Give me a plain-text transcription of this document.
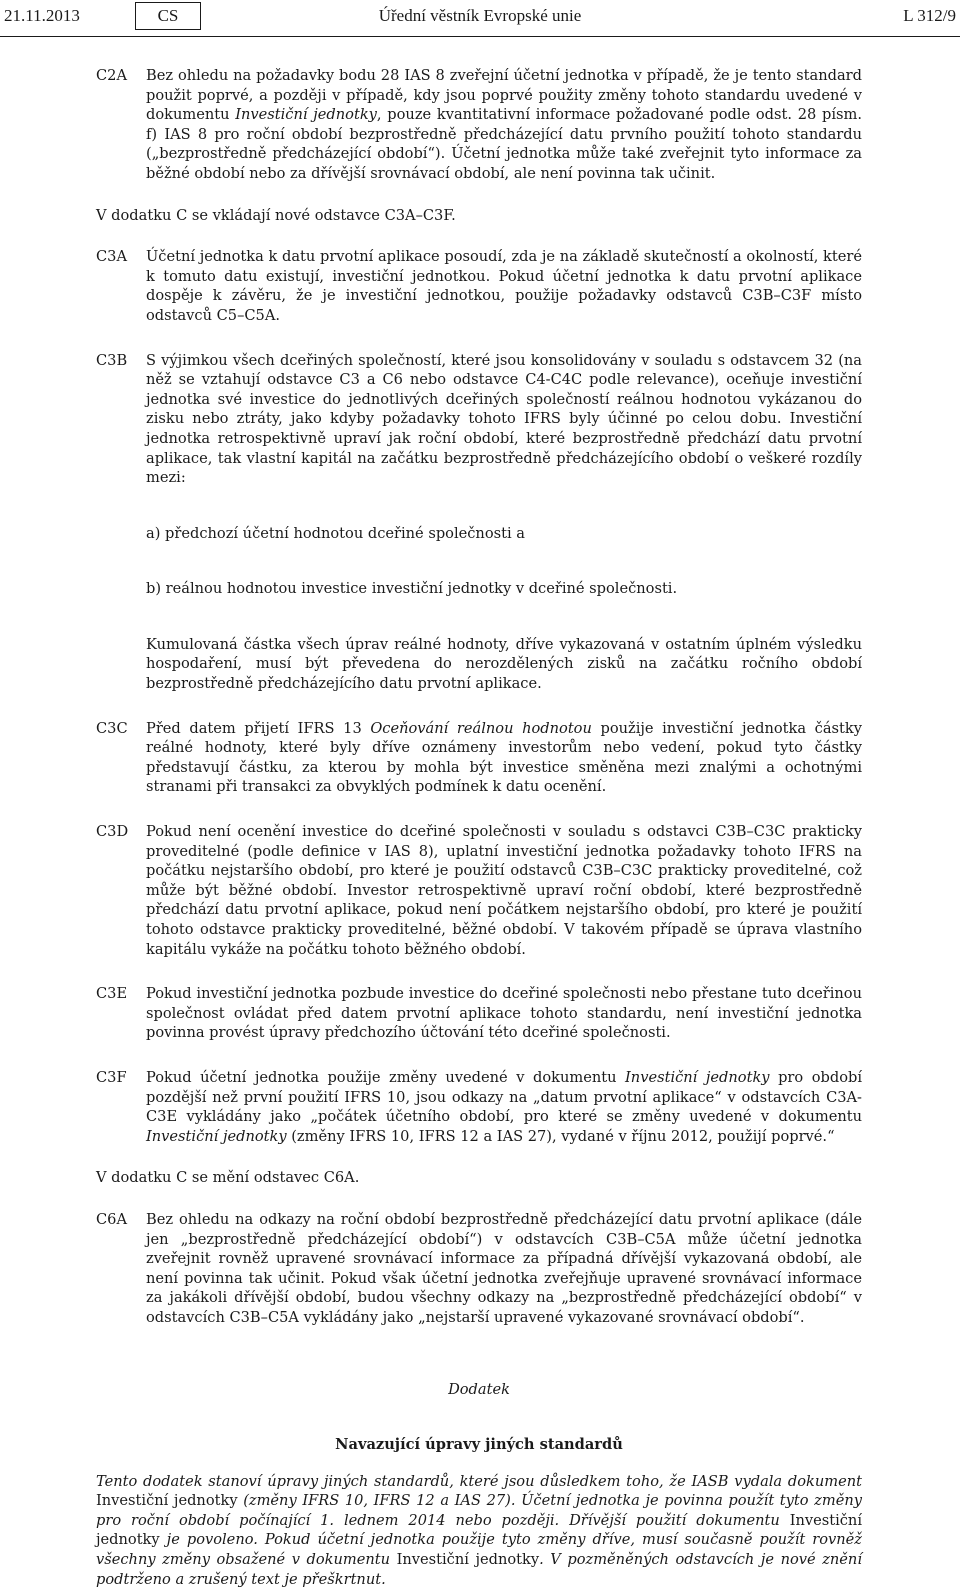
21.11.2013	CS	Úřední věstník Evropské unie	L 312/9
C2A	Bez ohledu na požadavky bodu 28 IAS 8 zveřejní účetní jednotka v případě, že je tento standard použit poprvé, a později v případě, kdy jsou poprvé použity změny tohoto standardu uvedené v dokumentu Investiční jednotky, pouze kvantitativní informace požadované podle odst. 28 písm. f) IAS 8 pro roční období bezprostředně předcházející datu prvního použití tohoto standardu („bezprostředně předcházející období“). Účetní jednotka může také zveřejnit tyto informace za běžné období nebo za dřívější srovnávací období, ale není povinna tak učinit.

V dodatku C se vkládají nové odstavce C3A–C3F.

C3A	Účetní jednotka k datu prvotní aplikace posoudí, zda je na základě skutečností a okolností, které k tomuto datu existují, investiční jednotkou. Pokud účetní jednotka k datu prvotní aplikace dospěje k závěru, že je investiční jednotkou, použije požadavky odstavců C3B–C3F místo odstavců C5–C5A.
C3B	S výjimkou všech dceřiných společností, které jsou konsolidovány v souladu s odstavcem 32 (na něž se vztahují odstavce C3 a C6 nebo odstavce C4-C4C podle relevance), oceňuje investiční jednotka své investice do jednotlivých dceřiných společností reálnou hodnotou vykázanou do zisku nebo ztráty, jako kdyby požadavky tohoto IFRS byly účinné po celou dobu. Investiční jednotka retrospektivně upraví jak roční období, které bezprostředně předchází datu prvotní aplikace, tak vlastní kapitál na začátku bezprostředně předcházejícího období o veškeré rozdíly mezi:

a) předchozí účetní hodnotou dceřiné společnosti a

b) reálnou hodnotou investice investiční jednotky v dceřiné společnosti.

Kumulovaná částka všech úprav reálné hodnoty, dříve vykazovaná v ostatním úplném výsledku hospodaření, musí být převedena do nerozdělených zisků na začátku ročního období bezprostředně předcházejícího datu prvotní aplikace.

C3C	Před datem přijetí IFRS 13 Oceňování reálnou hodnotou použije investiční jednotka částky reálné hodnoty, které byly dříve oznámeny investorům nebo vedení, pokud tyto částky představují částku, za kterou by mohla být investice směněna mezi znalými a ochotnými stranami při transakci za obvyklých podmínek k datu ocenění.
C3D	Pokud není ocenění investice do dceřiné společnosti v souladu s odstavci C3B–C3C prakticky proveditelné (podle definice v IAS 8), uplatní investiční jednotka požadavky tohoto IFRS na počátku nejstaršího období, pro které je použití odstavců C3B–C3C prakticky proveditelné, což může být běžné období. Investor retrospektivně upraví roční období, které bezprostředně předchází datu prvotní aplikace, pokud není počátkem nejstaršího období, pro které je použití tohoto odstavce prakticky proveditelné, běžné období. V takovém případě se úprava vlastního kapitálu vykáže na počátku tohoto běžného období.
C3E	Pokud investiční jednotka pozbude investice do dceřiné společnosti nebo přestane tuto dceřinou společnost ovládat před datem prvotní aplikace tohoto standardu, není investiční jednotka povinna provést úpravy předchozího účtování této dceřiné společnosti.
C3F	Pokud účetní jednotka použije změny uvedené v dokumentu Investiční jednotky pro období pozdější než první použití IFRS 10, jsou odkazy na „datum prvotní aplikace“ v odstavcích C3A-C3E vykládány jako „počátek účetního období, pro které se změny uvedené v dokumentu Investiční jednotky (změny IFRS 10, IFRS 12 a IAS 27), vydané v říjnu 2012, použijí poprvé.“

V dodatku C se mění odstavec C6A.

C6A	Bez ohledu na odkazy na roční období bezprostředně předcházející datu prvotní aplikace (dále jen „bezprostředně předcházející období“) v odstavcích C3B–C5A může účetní jednotka zveřejnit rovněž upravené srovnávací informace za případná dřívější vykazovaná období, ale není povinna tak učinit. Pokud však účetní jednotka zveřejňuje upravené srovnávací informace za jakákoli dřívější období, budou všechny odkazy na „bezprostředně předcházející období“ v odstavcích C3B–C5A vykládány jako „nejstarší upravené vykazované srovnávací období“.

Dodatek

Navazující úpravy jiných standardů

Tento dodatek stanoví úpravy jiných standardů, které jsou důsledkem toho, že IASB vydala dokument Investiční jednotky (změny IFRS 10, IFRS 12 a IAS 27). Účetní jednotka je povinna použít tyto změny pro roční období počínající 1. lednem 2014 nebo později. Dřívější použití dokumentu Investiční jednotky je povoleno. Pokud účetní jednotka použije tyto změny dříve, musí současně použít rovněž všechny změny obsažené v dokumentu Investiční jednotky. V pozměněných odstavcích je nové znění podtrženo a zrušený text je přeškrtnut.
